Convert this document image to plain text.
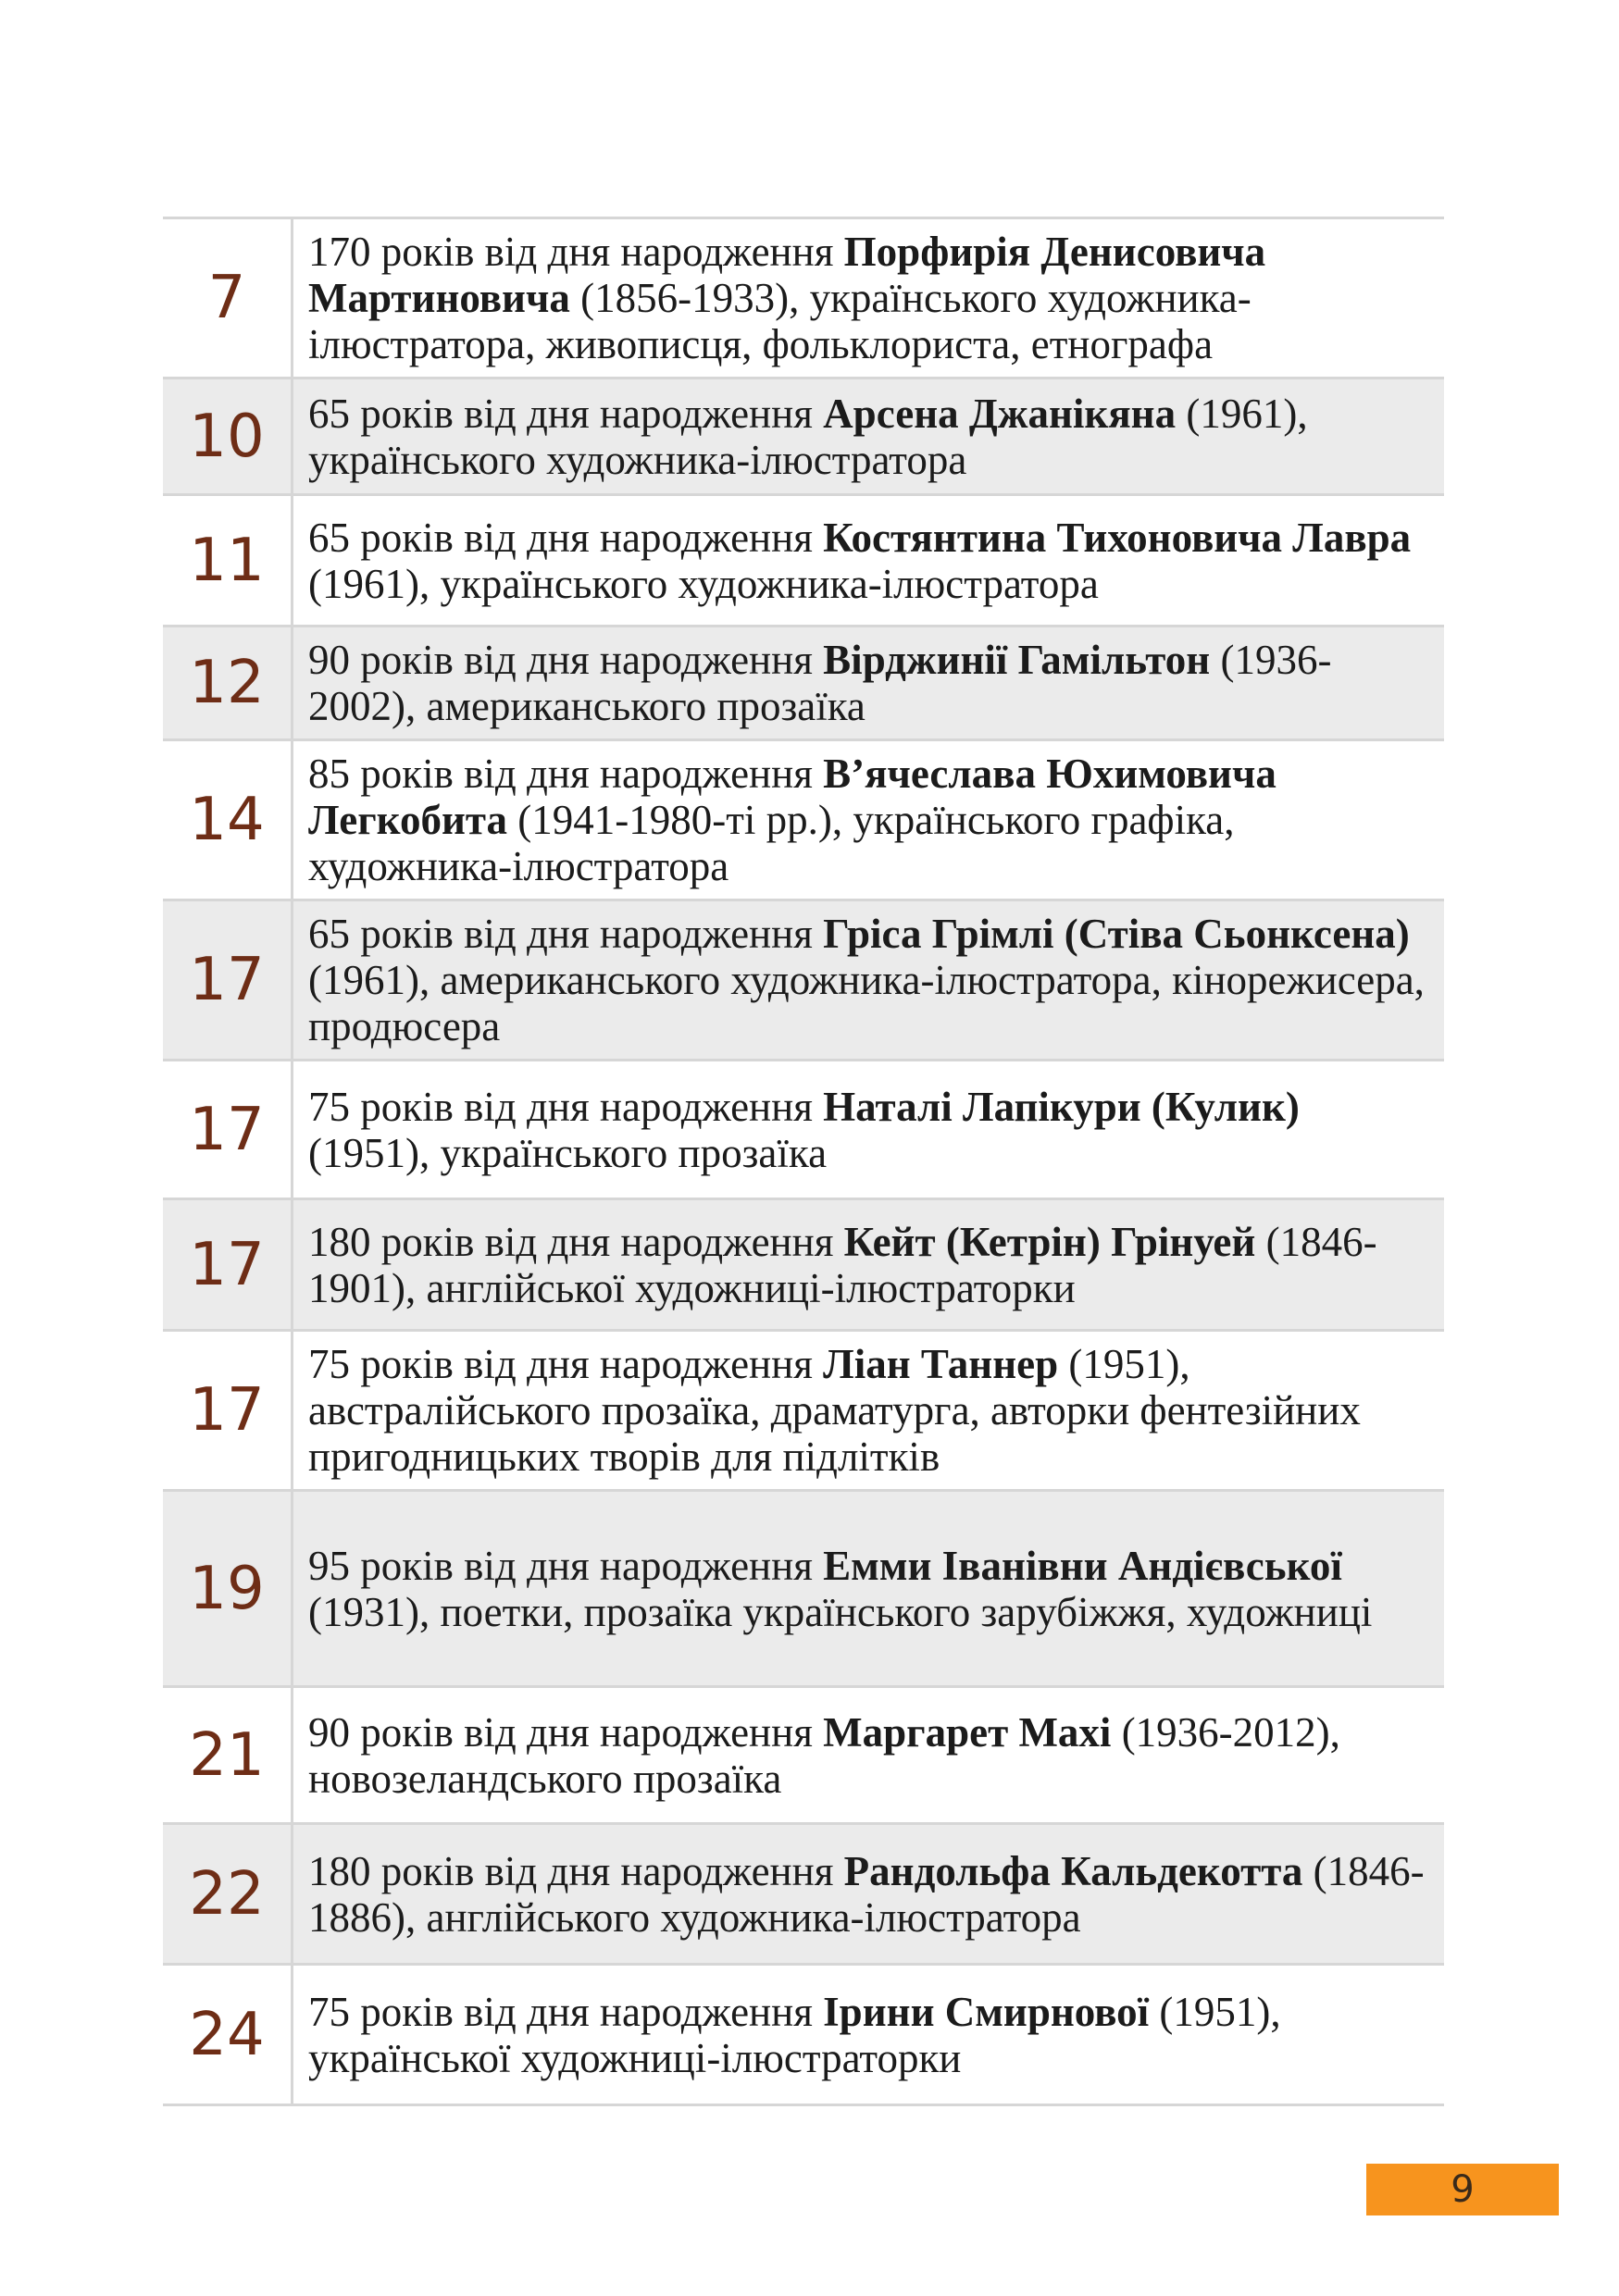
7	170 років від дня народження Порфирія Денисовича Мартиновича (1856-1933), українського художника-ілюстратора, живописця, фольклориста, етнографа
10	65 років від дня народження Арсена Джанікяна (1961), українського художника-ілюстратора
11	65 років від дня народження Костянтина Тихоновича Лавра (1961), українського художника-ілюстратора
12	90 років від дня народження Вірджинії Гамільтон (1936-2002), американського прозаїка
14	85 років від дня народження В’ячеслава Юхимовича Легкобита (1941-1980-ті рр.), українського графіка, художника-ілюстратора
17	65 років від дня народження Гріса Грімлі (Стіва Сьонксена) (1961), американського художника-ілюстратора, кінорежисера, продюсера
17	75 років від дня народження Наталі Лапікури (Кулик) (1951), українського прозаїка
17	180 років від дня народження Кейт (Кетрін) Грінуей (1846-1901), англійської художниці-ілюстраторки
17	75 років від дня народження Ліан Таннер (1951), австралійського прозаїка, драматурга, авторки фентезійних пригодницьких творів для підлітків
19	95 років від дня народження Емми Іванівни Андієвської (1931), поетки, прозаїка українського зарубіжжя, художниці
21	90 років від дня народження Маргарет Махі (1936-2012), новозеландського прозаїка
22	180 років від дня народження Рандольфа Кальдекотта (1846-1886), англійського художника-ілюстратора
24	75 років від дня народження Ірини Смирнової (1951), української художниці-ілюстраторки
9
